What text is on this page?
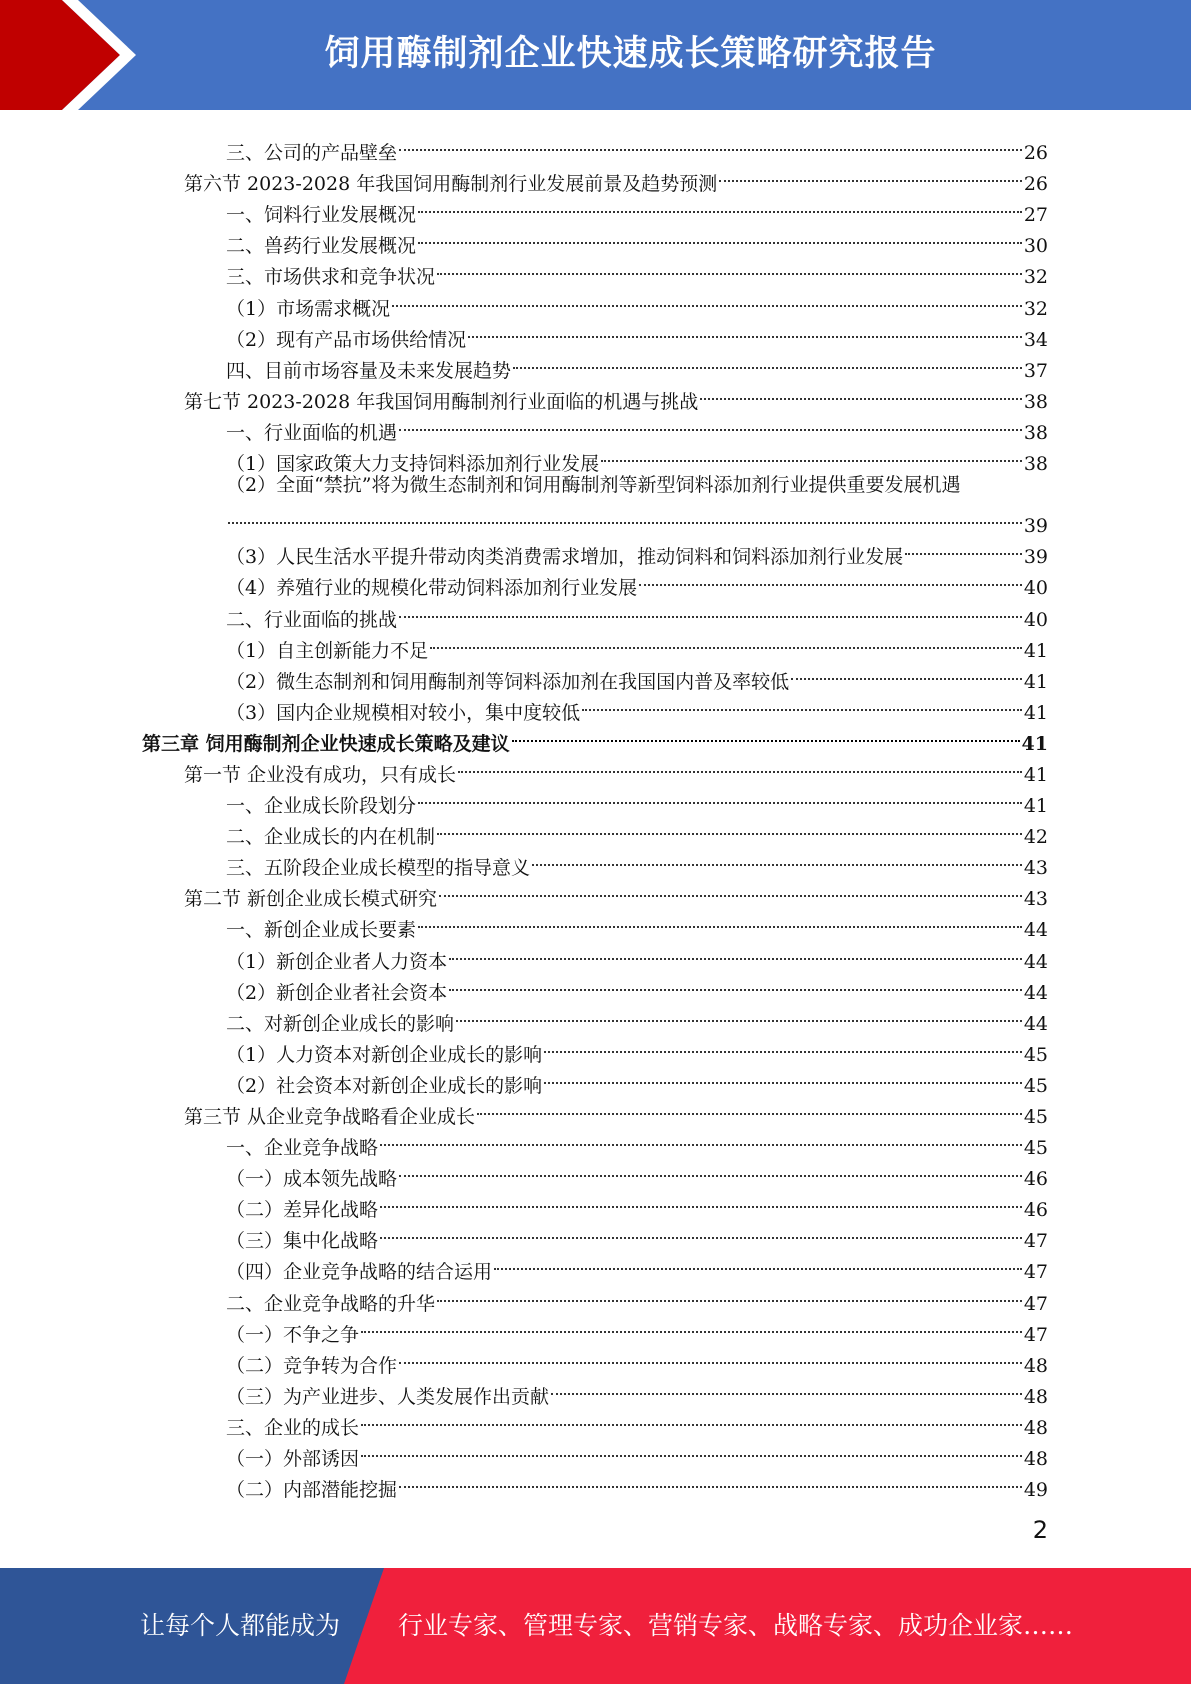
饲用酶制剂企业快速成长策略研究报告
三、公司的产品壁垒	26
第六节 2023-2028 年我国饲用酶制剂行业发展前景及趋势预测	26
一、饲料行业发展概况	27
二、兽药行业发展概况	30
三、市场供求和竞争状况	32
（1）市场需求概况	32
（2）现有产品市场供给情况	34
四、目前市场容量及未来发展趋势	37
第七节 2023-2028 年我国饲用酶制剂行业面临的机遇与挑战	38
一、行业面临的机遇	38
（1）国家政策大力支持饲料添加剂行业发展	38
（2）全面“禁抗”将为微生态制剂和饲用酶制剂等新型饲料添加剂行业提供重要发展机遇
39
（3）人民生活水平提升带动肉类消费需求增加，推动饲料和饲料添加剂行业发展	39
（4）养殖行业的规模化带动饲料添加剂行业发展	40
二、行业面临的挑战	40
（1）自主创新能力不足	41
（2）微生态制剂和饲用酶制剂等饲料添加剂在我国国内普及率较低	41
（3）国内企业规模相对较小，集中度较低	41
第三章 饲用酶制剂企业快速成长策略及建议	41
第一节 企业没有成功，只有成长	41
一、企业成长阶段划分	41
二、企业成长的内在机制	42
三、五阶段企业成长模型的指导意义	43
第二节 新创企业成长模式研究	43
一、新创企业成长要素	44
（1）新创企业者人力资本	44
（2）新创企业者社会资本	44
二、对新创企业成长的影响	44
（1）人力资本对新创企业成长的影响	45
（2）社会资本对新创企业成长的影响	45
第三节 从企业竞争战略看企业成长	45
一、企业竞争战略	45
（一）成本领先战略	46
（二）差异化战略	46
（三）集中化战略	47
（四）企业竞争战略的结合运用	47
二、企业竞争战略的升华	47
（一）不争之争	47
（二）竞争转为合作	48
（三）为产业进步、人类发展作出贡献	48
三、企业的成长	48
（一）外部诱因	48
（二）内部潜能挖掘	49
2
让每个人都能成为 行业专家、管理专家、营销专家、战略专家、成功企业家……
